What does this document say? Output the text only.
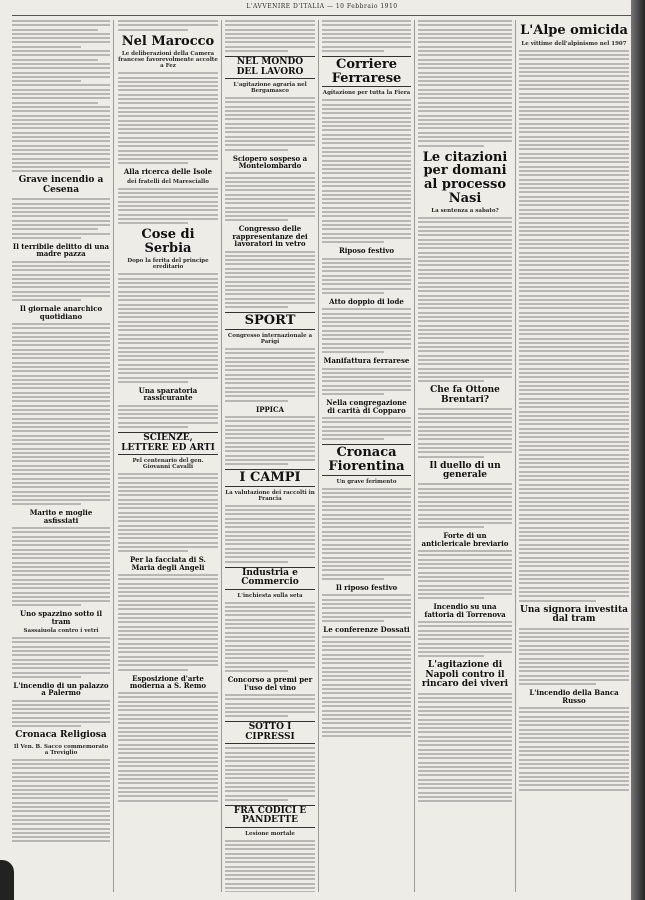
L'AVVENIRE D'ITALIA — 10 Febbraio 1910
Grave incendio a Cesena
Il terribile delitto di una madre pazza
Il giornale anarchico quotidiano
Marito e moglie asfissiati
Uno spazzino sotto il tram
Sassaiuola contro i vetri
L'incendio di un palazzo a Palermo
Cronaca Religiosa
Il Ven. B. Sacco commemorato a Treviglio
Nel Marocco
Le deliberazioni della Camera francese favorevolmente accolte a Fez
Alla ricerca delle Isole
dei fratelli del Maresciallo
Cose di Serbia
Dopo la ferita del principe ereditario
Una sparatoria rassicurante
SCIENZE, LETTERE ED ARTI
Pel centenario del gen. Giovanni Cavalli
Per la facciata di S. Maria degli Angeli
Esposizione d'arte moderna a S. Remo
NEL MONDO DEL LAVORO
L'agitazione agraria nel Bergamasco
Sciopero sospeso a Montelombardo
Congresso delle rappresentanze dei lavoratori in vetro
SPORT
Congresso internazionale a Parigi
IPPICA
I CAMPI
La valutazione dei raccolti in Francia
Industria e Commercio
L'inchiesta sulla seta
Concorso a premi per l'uso del vino
SOTTO I CIPRESSI
FRA CODICI E PANDETTE
Lesione mortale
Corriere Ferrarese
Agitazione per tutta la Fiera
Riposo festivo
Atto doppio di lode
Manifattura ferrarese
Nella congregazione di carità di Copparo
Cronaca Fiorentina
Un grave ferimento
Il riposo festivo
Le conferenze Dossati
Le citazioni per domani al processo Nasi
La sentenza a sabato?
Che fa Ottone Brentari?
Il duello di un generale
Forte di un anticlericale breviario
Incendio su una fattoria di Torrenova
L'agitazione di Napoli contro il rincaro dei viveri
L'Alpe omicida
Le vittime dell'alpinismo nel 1907
Una signora investita dal tram
L'incendio della Banca Russo
